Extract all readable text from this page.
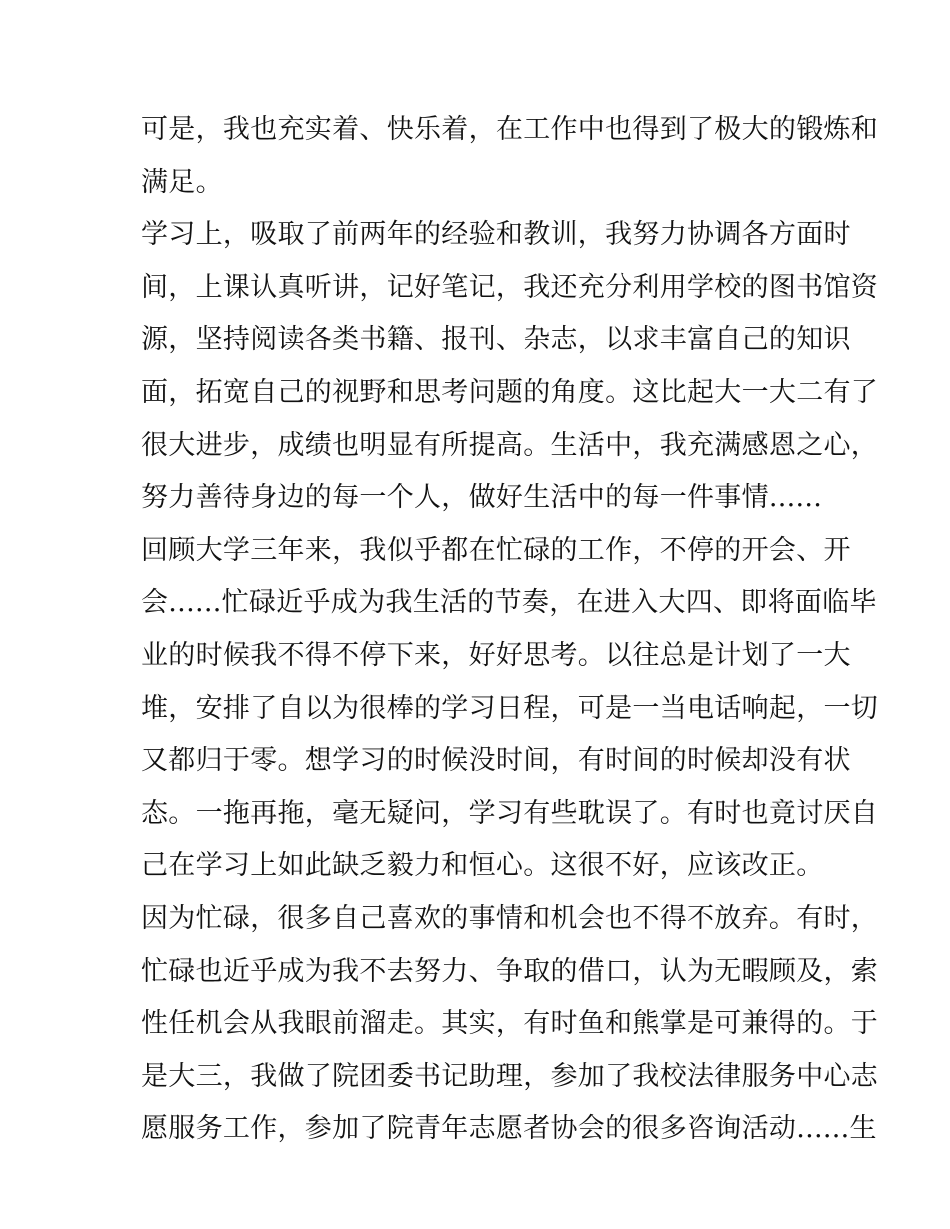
可是，我也充实着、快乐着，在工作中也得到了极大的锻炼和
满足。
学习上，吸取了前两年的经验和教训，我努力协调各方面时
间，上课认真听讲，记好笔记，我还充分利用学校的图书馆资
源，坚持阅读各类书籍、报刊、杂志，以求丰富自己的知识
面，拓宽自己的视野和思考问题的角度。这比起大一大二有了
很大进步，成绩也明显有所提高。生活中，我充满感恩之心，
努力善待身边的每一个人，做好生活中的每一件事情......
回顾大学三年来，我似乎都在忙碌的工作，不停的开会、开
会......忙碌近乎成为我生活的节奏，在进入大四、即将面临毕
业的时候我不得不停下来，好好思考。以往总是计划了一大
堆，安排了自以为很棒的学习日程，可是一当电话响起，一切
又都归于零。想学习的时候没时间，有时间的时候却没有状
态。一拖再拖，毫无疑问，学习有些耽误了。有时也竟讨厌自
己在学习上如此缺乏毅力和恒心。这很不好，应该改正。
因为忙碌，很多自己喜欢的事情和机会也不得不放弃。有时，
忙碌也近乎成为我不去努力、争取的借口，认为无暇顾及，索
性任机会从我眼前溜走。其实，有时鱼和熊掌是可兼得的。于
是大三，我做了院团委书记助理，参加了我校法律服务中心志
愿服务工作，参加了院青年志愿者协会的很多咨询活动......生
